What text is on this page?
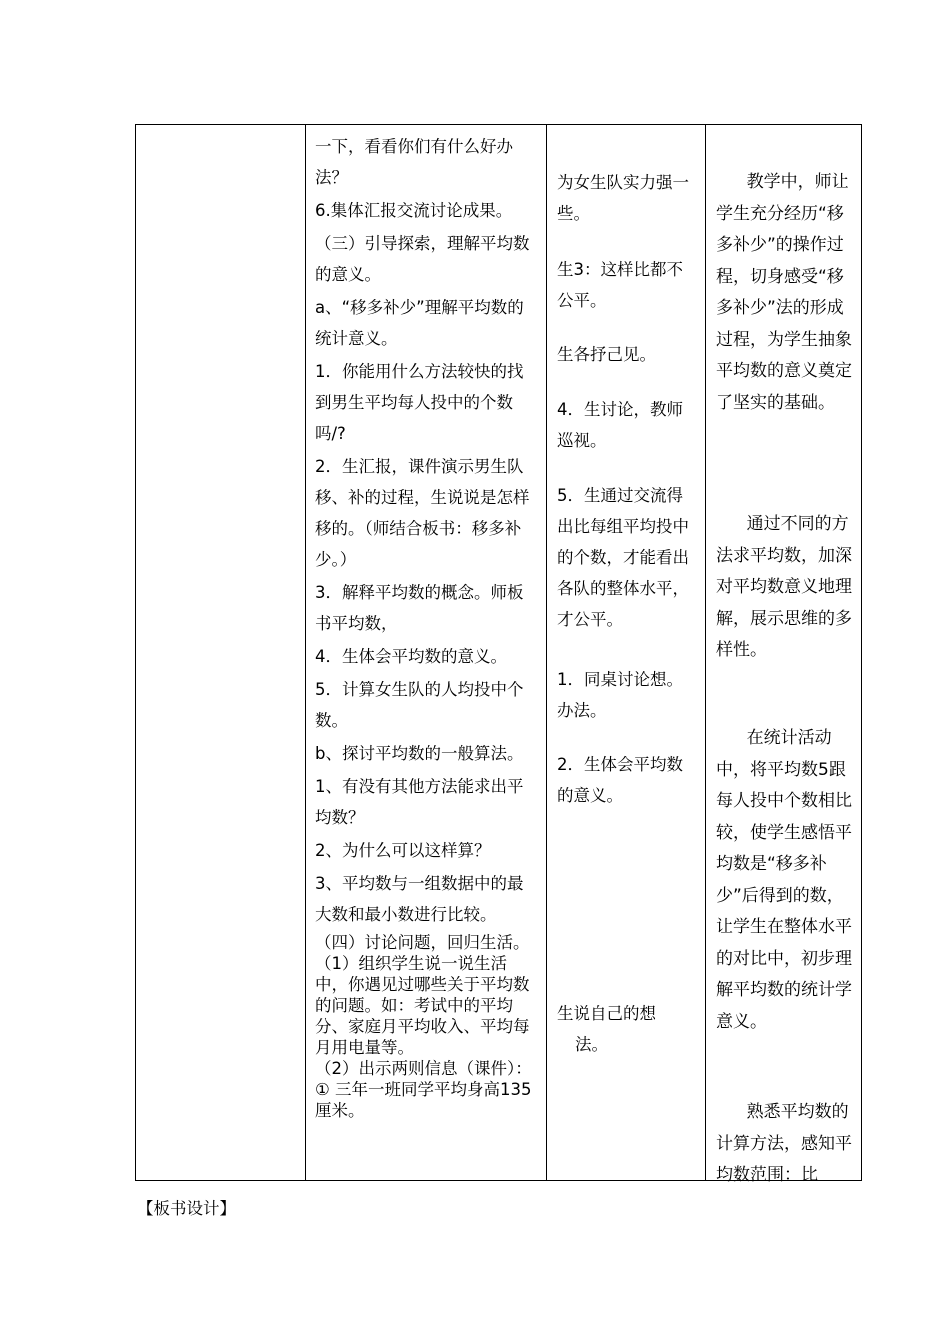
一下，看看你们有什么好办法？

6.集体汇报交流讨论成果。

（三）引导探索，理解平均数的意义。

a、“移多补少”理解平均数的统计意义。

1．你能用什么方法较快的找到男生平均每人投中的个数吗/?

2．生汇报，课件演示男生队移、补的过程，生说说是怎样移的。（师结合板书：移多补少。）

3．解释平均数的概念。师板书平均数，

4．生体会平均数的意义。

5．计算女生队的人均投中个数。

b、探讨平均数的一般算法。

1、有没有其他方法能求出平均数？

2、为什么可以这样算？

3、平均数与一组数据中的最大数和最小数进行比较。

（四）讨论问题，回归生活。

（1）组织学生说一说生活中，你遇见过哪些关于平均数的问题。如：考试中的平均分、家庭月平均收入、平均每月用电量等。

（2）出示两则信息（课件）：

① 三年一班同学平均身高135厘米。

为女生队实力强一些。

生3：这样比都不公平。

生各抒己见。

4．生讨论，教师巡视。

5．生通过交流得出比每组平均投中的个数，才能看出各队的整体水平，才公平。

1．同桌讨论想。办法。

2．生体会平均数的意义。

生说自己的想

法。

教学中，师让学生充分经历“移多补少”的操作过程，切身感受“移多补少”法的形成过程，为学生抽象平均数的意义奠定了坚实的基础。

通过不同的方法求平均数，加深对平均数意义地理解，展示思维的多样性。

在统计活动中，将平均数5跟每人投中个数相比较，使学生感悟平均数是“移多补少”后得到的数，让学生在整体水平的对比中，初步理解平均数的统计学意义。

熟悉平均数的计算方法，感知平均数范围：比

【板书设计】
